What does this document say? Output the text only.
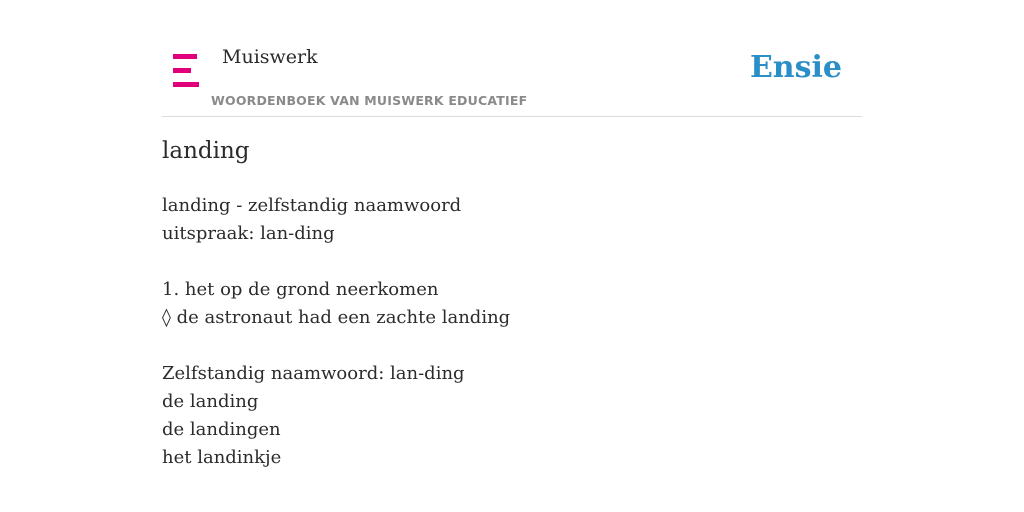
Muiswerk
WOORDENBOEK VAN MUISWERK EDUCATIEF
Ensie
landing
landing - zelfstandig naamwoord
uitspraak: lan-ding
1. het op de grond neerkomen
◊ de astronaut had een zachte landing
Zelfstandig naamwoord: lan-ding
de landing
de landingen
het landinkje
